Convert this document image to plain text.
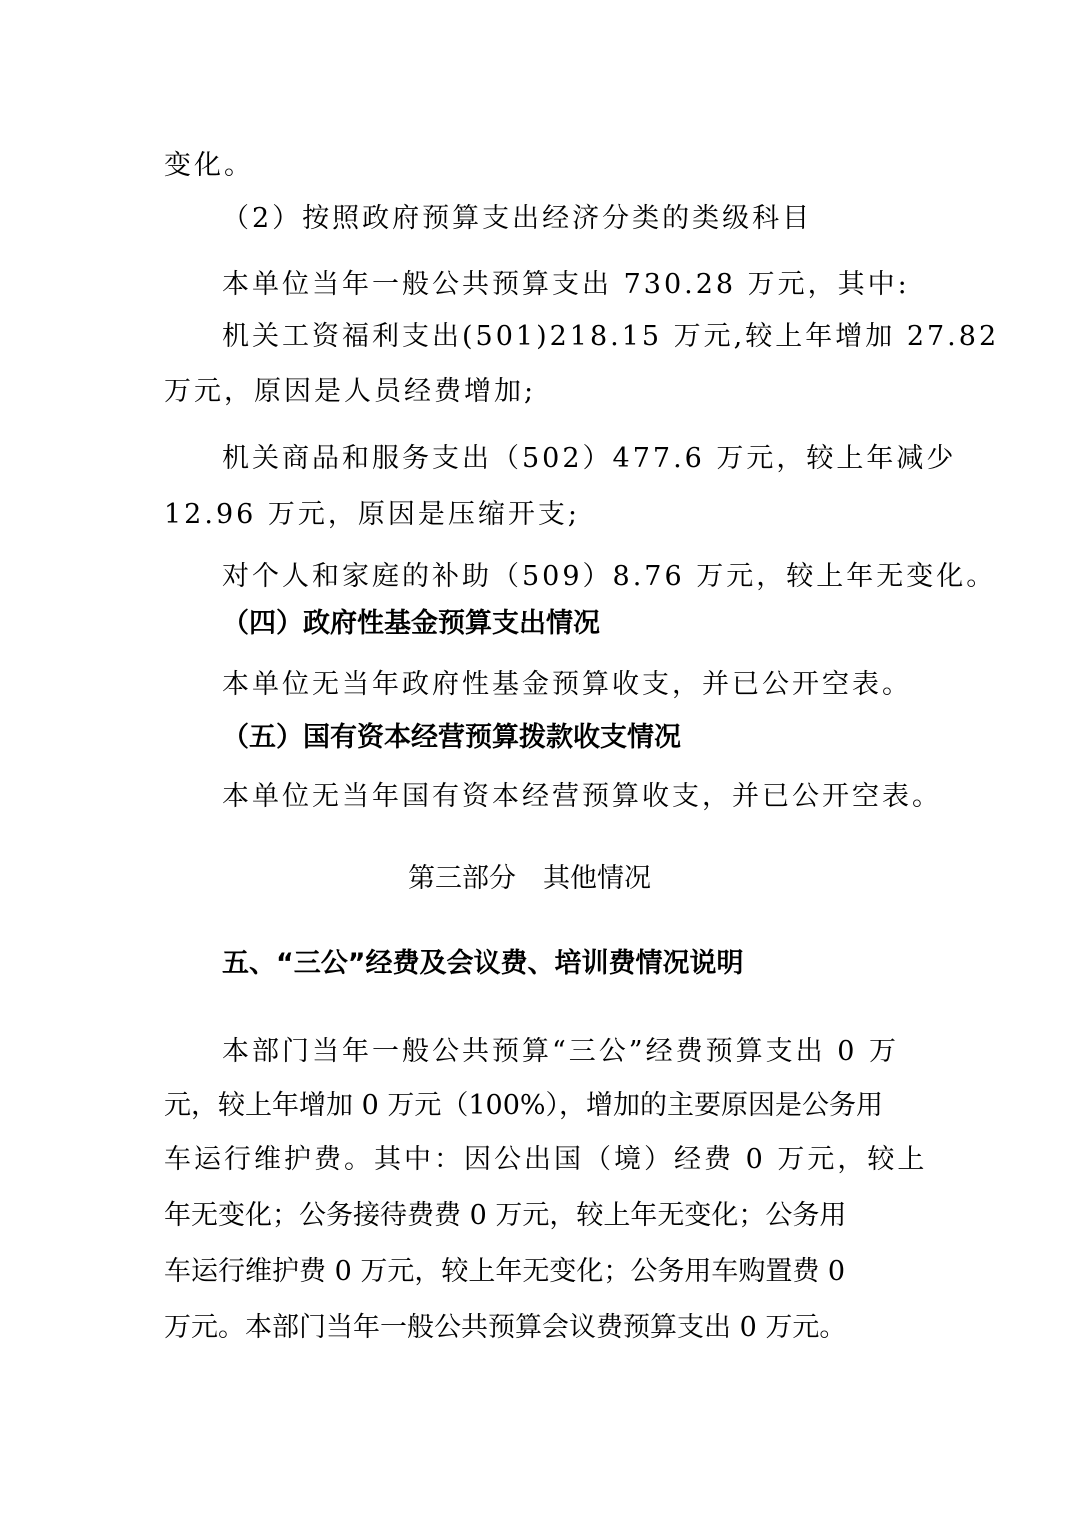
变化。
（2）按照政府预算支出经济分类的类级科目
本单位当年一般公共预算支出 730.28 万元，其中:
机关工资福利支出(501)218.15 万元,较上年增加 27.82
万元，原因是人员经费增加;
机关商品和服务支出（502）477.6 万元，较上年减少
12.96 万元，原因是压缩开支;
对个人和家庭的补助（509）8.76 万元，较上年无变化。
（四）政府性基金预算支出情况
本单位无当年政府性基金预算收支，并已公开空表。
（五）国有资本经营预算拨款收支情况
本单位无当年国有资本经营预算收支，并已公开空表。
第三部分　其他情况
五、“三公”经费及会议费、培训费情况说明
本部门当年一般公共预算“三公”经费预算支出 0 万
元，较上年增加 0 万元（100%），增加的主要原因是公务用
车运行维护费。其中：因公出国（境）经费 0 万元，较上
年无变化；公务接待费费 0 万元，较上年无变化；公务用
车运行维护费 0 万元，较上年无变化；公务用车购置费 0
万元。本部门当年一般公共预算会议费预算支出 0 万元。
